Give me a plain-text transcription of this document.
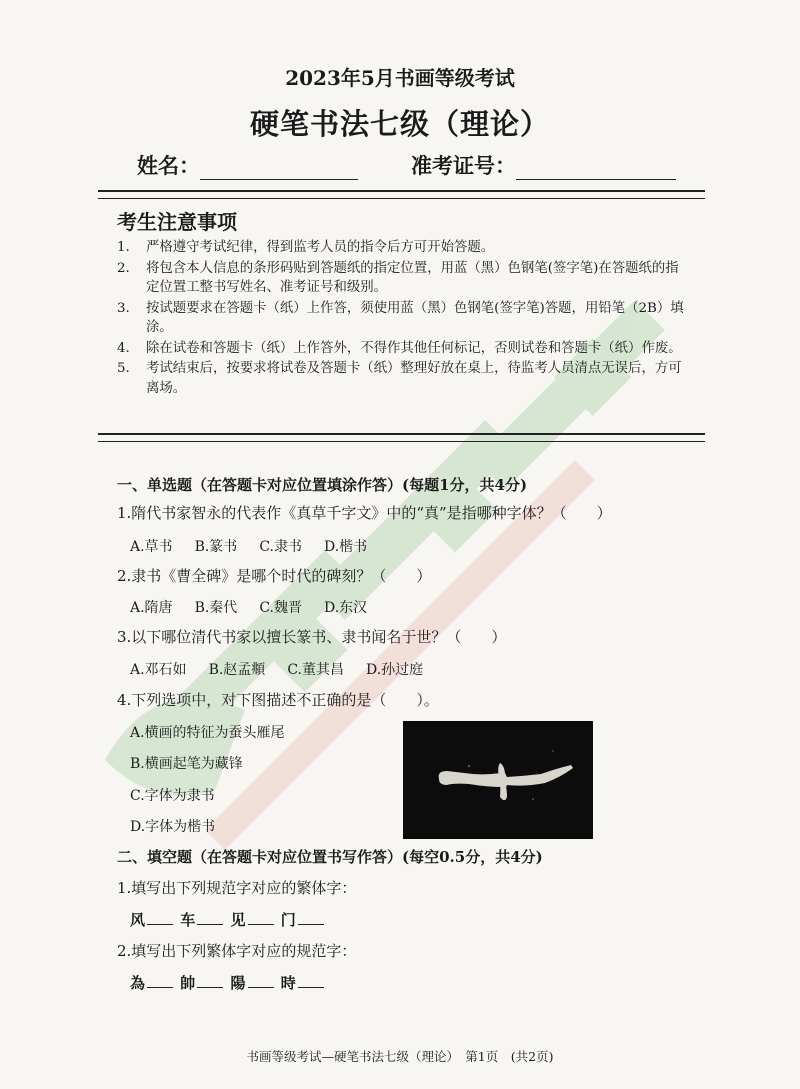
2023年5月书画等级考试
硬笔书法七级（理论）
姓名：	准考证号：
考生注意事项
1.	严格遵守考试纪律，得到监考人员的指令后方可开始答题。
2.	将包含本人信息的条形码贴到答题纸的指定位置，用蓝（黑）色钢笔(签字笔)在答题纸的指定位置工整书写姓名、准考证号和级别。
3.	按试题要求在答题卡（纸）上作答，须使用蓝（黑）色钢笔(签字笔)答题，用铅笔（2B）填涂。
4.	除在试卷和答题卡（纸）上作答外，不得作其他任何标记，否则试卷和答题卡（纸）作废。
5.	考试结束后，按要求将试卷及答题卡（纸）整理好放在桌上，待监考人员清点无误后，方可离场。
一、单选题（在答题卡对应位置填涂作答）(每题1分，共4分)
1.隋代书家智永的代表作《真草千字文》中的“真”是指哪种字体？（　　）
A.草书 B.篆书 C.隶书 D.楷书
2.隶书《曹全碑》是哪个时代的碑刻？（　　）
A.隋唐 B.秦代 C.魏晋 D.东汉
3.以下哪位清代书家以擅长篆书、隶书闻名于世？（　　）
A.邓石如 B.赵孟頫 C.董其昌 D.孙过庭
4.下列选项中，对下图描述不正确的是（　　）。
A.横画的特征为蚕头雁尾
B.横画起笔为藏锋
C.字体为隶书
D.字体为楷书
二、填空题（在答题卡对应位置书写作答）(每空0.5分，共4分)
1.填写出下列规范字对应的繁体字：
风 车 见 门
2.填写出下列繁体字对应的规范字：
為 帥 陽 時
书画等级考试—硬笔书法七级（理论）　第1页　(共2页)
